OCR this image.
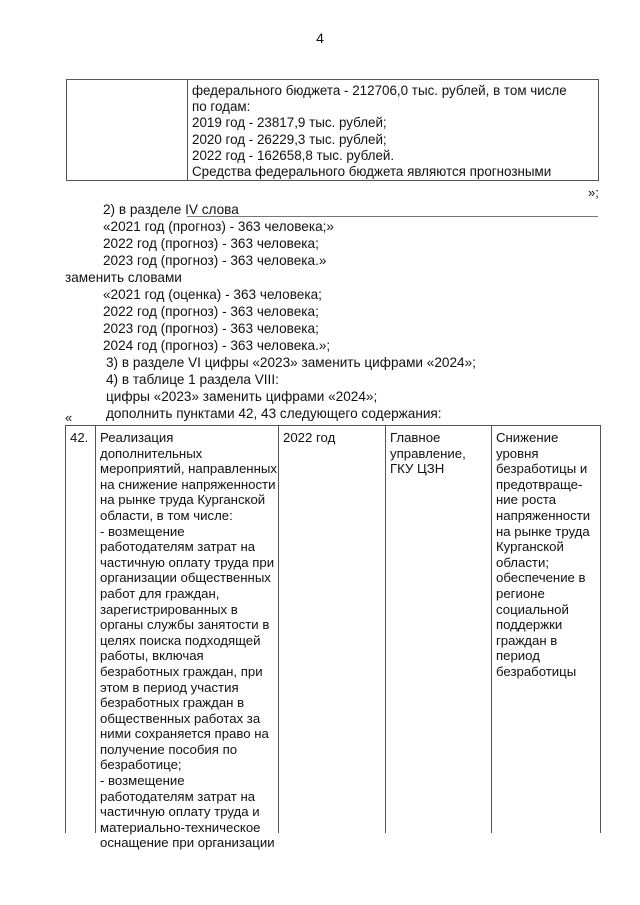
4
федерального бюджета - 212706,0 тыс. рублей, в том числе
по годам:
2019 год - 23817,9 тыс. рублей;
2020 год - 26229,3 тыс. рублей;
2022 год - 162658,8 тыс. рублей.
Средства федерального бюджета являются прогнозными
»;
2) в разделе IV слова
«2021 год (прогноз) - 363 человека;»
2022 год (прогноз) - 363 человека;
2023 год (прогноз) - 363 человека.»
заменить словами
«2021 год (оценка) - 363 человека;
2022 год (прогноз) - 363 человека;
2023 год (прогноз) - 363 человека;
2024 год (прогноз) - 363 человека.»;
3) в разделе VI цифры «2023» заменить цифрами «2024»;
4) в таблице 1 раздела VIII:
цифры «2023» заменить цифрами «2024»;
дополнить пунктами 42, 43 следующего содержания:
«
42. Реализация
дополнительных
мероприятий, направленных
на снижение напряженности
на рынке труда Курганской
области, в том числе:
- возмещение
работодателям затрат на
частичную оплату труда при
организации общественных
работ для граждан,
зарегистрированных в
органы службы занятости в
целях поиска подходящей
работы, включая
безработных граждан, при
этом в период участия
безработных граждан в
общественных работах за
ними сохраняется право на
получение пособия по
безработице;
- возмещение
работодателям затрат на
частичную оплату труда и
материально-техническое
оснащение при организации
2022 год	Главное
управление,
ГКУ ЦЗН
Снижение
уровня
безработицы и
предотвраще-
ние роста
напряженности
на рынке труда
Курганской
области;
обеспечение в
регионе
социальной
поддержки
граждан в
период
безработицы
